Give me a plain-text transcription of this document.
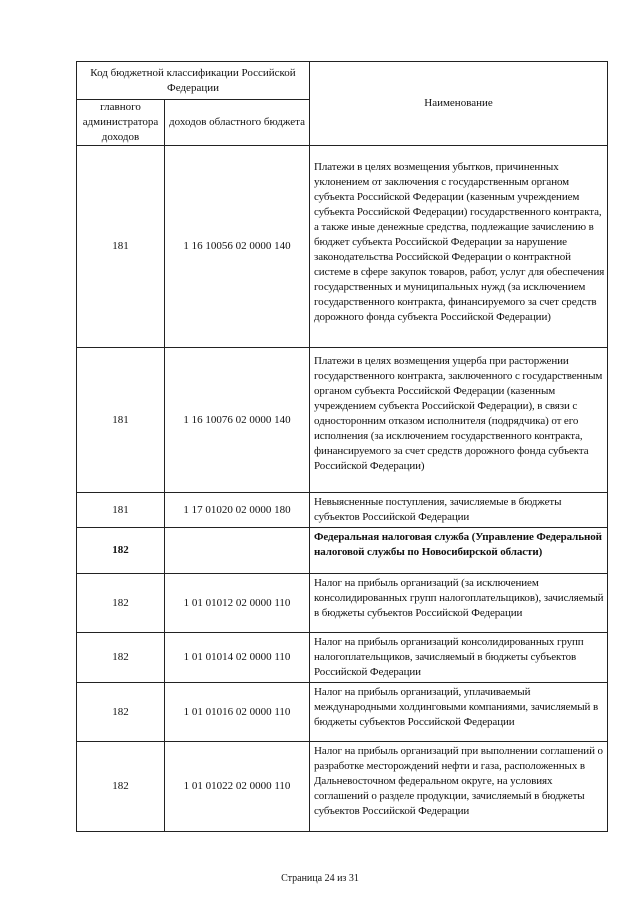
Код бюджетной классификации Российской Федерации		Наименование
главного администратора доходов	доходов областного бюджета	
181	1 16 10056 02 0000 140	Платежи в целях возмещения убытков, причиненных уклонением от заключения с государственным органом субъекта Российской Федерации (казенным учреждением субъекта Российской Федерации) государственного контракта, а также иные денежные средства, подлежащие зачислению в бюджет субъекта Российской Федерации за нарушение законодательства Российской Федерации о контрактной системе в сфере закупок товаров, работ, услуг для обеспечения государственных и муниципальных нужд (за исключением государственного контракта, финансируемого за счет средств дорожного фонда субъекта Российской Федерации)
181	1 16 10076 02 0000 140	Платежи в целях возмещения ущерба при расторжении государственного контракта, заключенного с государственным органом субъекта Российской Федерации (казенным учреждением субъекта Российской Федерации), в связи с односторонним отказом исполнителя (подрядчика) от его исполнения (за исключением государственного контракта, финансируемого за счет средств дорожного фонда субъекта Российской Федерации)
181	1 17 01020 02 0000 180	Невыясненные поступления, зачисляемые в бюджеты субъектов Российской Федерации
182		Федеральная налоговая служба (Управление Федеральной налоговой службы по Новосибирской области)
182	1 01 01012 02 0000 110	Налог на прибыль организаций (за исключением консолидированных групп налогоплательщиков), зачисляемый в бюджеты субъектов Российской Федерации
182	1 01 01014 02 0000 110	Налог на прибыль организаций консолидированных групп налогоплательщиков, зачисляемый в бюджеты субъектов Российской Федерации
182	1 01 01016 02 0000 110	Налог на прибыль организаций, уплачиваемый международными холдинговыми компаниями, зачисляемый в бюджеты субъектов Российской Федерации
182	1 01 01022 02 0000 110	Налог на прибыль организаций при выполнении соглашений о разработке месторождений нефти и газа, расположенных в Дальневосточном федеральном округе, на условиях соглашений о разделе продукции, зачисляемый в бюджеты субъектов Российской Федерации
Страница 24 из 31
